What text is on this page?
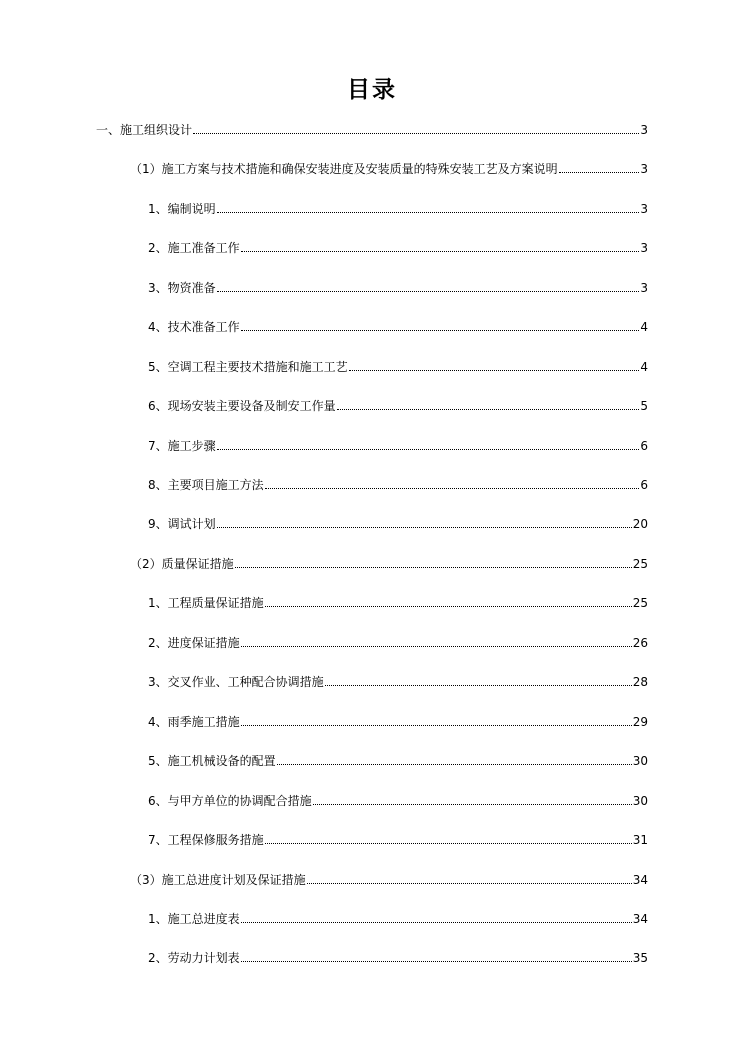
目录
一、施工组织设计	3
（1）施工方案与技术措施和确保安装进度及安装质量的特殊安装工艺及方案说明	3
1、编制说明	3
2、施工准备工作	3
3、物资准备	3
4、技术准备工作	4
5、空调工程主要技术措施和施工工艺	4
6、现场安装主要设备及制安工作量	5
7、施工步骤	6
8、主要项目施工方法	6
9、调试计划	20
（2）质量保证措施	25
1、工程质量保证措施	25
2、进度保证措施	26
3、交叉作业、工种配合协调措施	28
4、雨季施工措施	29
5、施工机械设备的配置	30
6、与甲方单位的协调配合措施	30
7、工程保修服务措施	31
（3）施工总进度计划及保证措施	34
1、施工总进度表	34
2、劳动力计划表	35
